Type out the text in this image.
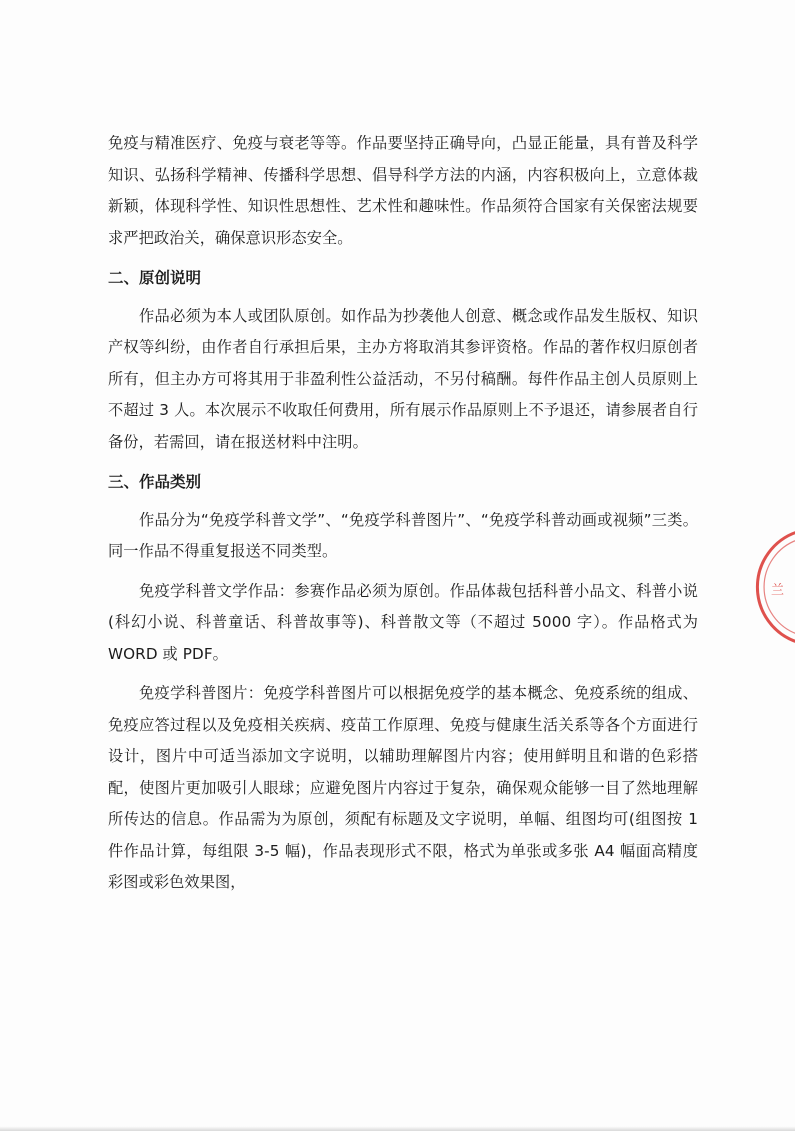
免疫与精准医疗、免疫与衰老等等。作品要坚持正确导向，凸显正能量，具有普及科学知识、弘扬科学精神、传播科学思想、倡导科学方法的内涵，内容积极向上，立意体裁新颖，体现科学性、知识性思想性、艺术性和趣味性。作品须符合国家有关保密法规要求严把政治关，确保意识形态安全。

二、原创说明

作品必须为本人或团队原创。如作品为抄袭他人创意、概念或作品发生版权、知识产权等纠纷，由作者自行承担后果，主办方将取消其参评资格。作品的著作权归原创者所有，但主办方可将其用于非盈利性公益活动，不另付稿酬。每件作品主创人员原则上不超过 3 人。本次展示不收取任何费用，所有展示作品原则上不予退还，请参展者自行备份，若需回，请在报送材料中注明。

三、作品类别

作品分为“免疫学科普文学”、“免疫学科普图片”、“免疫学科普动画或视频”三类。同一作品不得重复报送不同类型。

免疫学科普文学作品：参赛作品必须为原创。作品体裁包括科普小品文、科普小说(科幻小说、科普童话、科普故事等)、科普散文等（不超过 5000 字）。作品格式为 WORD 或 PDF。

免疫学科普图片：免疫学科普图片可以根据免疫学的基本概念、免疫系统的组成、免疫应答过程以及免疫相关疾病、疫苗工作原理、免疫与健康生活关系等各个方面进行设计，图片中可适当添加文字说明，以辅助理解图片内容；使用鲜明且和谐的色彩搭配，使图片更加吸引人眼球；应避免图片内容过于复杂，确保观众能够一目了然地理解所传达的信息。作品需为为原创，须配有标题及文字说明，单幅、组图均可(组图按 1 件作品计算，每组限 3-5 幅)，作品表现形式不限，格式为单张或多张 A4 幅面高精度彩图或彩色效果图，

兰
